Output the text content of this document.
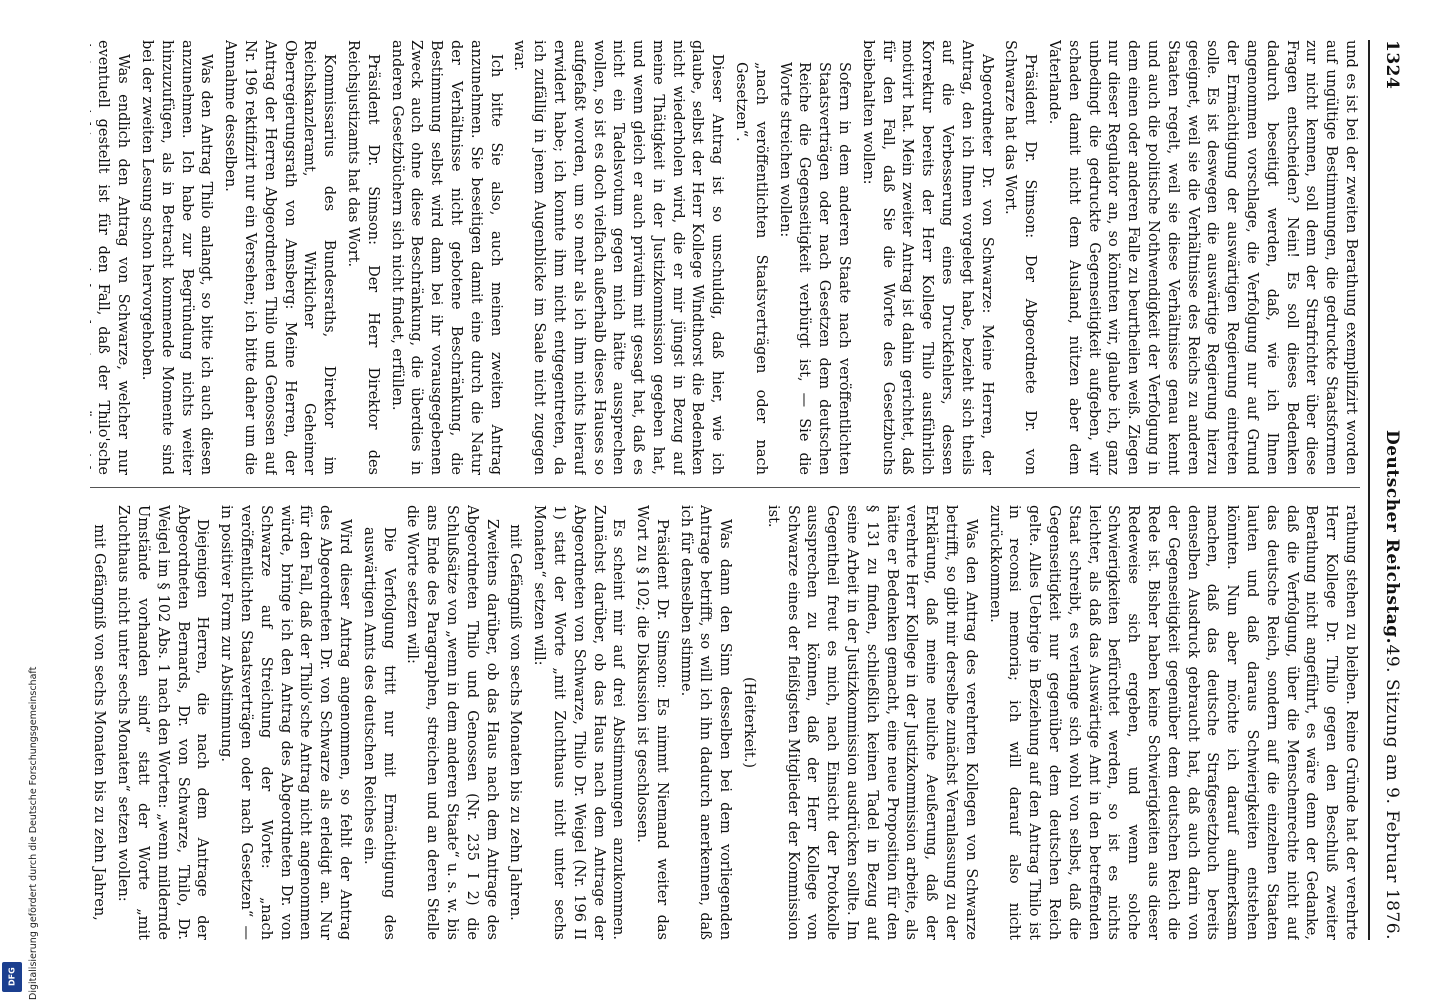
Digitalisierung gefördert durch die Deutsche Forschungsgemeinschaft
DFG
1324
Deutscher Reichstag.
49. Sitzung am 9. Februar 1876.

und es ist bei der zweiten Berathung exemplifizirt worden auf ungültige Bestimmungen, die gedruckte Staatsformen zur nicht kennen, soll denn der Strafrichter über diese Fragen entscheiden? Nein! Es soll dieses Bedenken dadurch beseitigt werden, daß, wie ich Ihnen angenommen vorschlage, die Verfolgung nur auf Grund der Ermächtigung der auswärtigen Regierung eintreten solle. Es ist deswegen die auswärtige Regierung hierzu geeignet, weil sie die Verhältnisse des Reichs zu anderen Staaten regelt, weil sie diese Verhältnisse genau kennt und auch die politische Nothwendigkeit der Verfolgung in dem einen oder anderen Falle zu beurtheilen weiß. Ziegen nur dieser Regulator an, so könnten wir, glaube ich, ganz unbedingt die gedruckte Gegenseitigkeit aufgeben, wir schaden damit nicht dem Ausland, nützen aber dem Vaterlande.

Präsident Dr. Simson: Der Abgeordnete Dr. von Schwarze hat das Wort.

Abgeordneter Dr. von Schwarze: Meine Herren, der Antrag, den ich Ihnen vorgelegt habe, bezieht sich theils auf die Verbesserung eines Druckfehlers, dessen Korrektur bereits der Herr Kollege Thilo ausführlich motivirt hat. Mein zweiter Antrag ist dahin gerichtet, daß für den Fall, daß Sie die Worte des Gesetzbuchs beibehalten wollen:

Sofern in dem anderen Staate nach veröffentlichten Staatsverträgen oder nach Gesetzen dem deutschen Reiche die Gegenseitigkeit verbürgt ist, — Sie die Worte streichen wollen:

„nach veröffentlichten Staatsverträgen oder nach Gesetzen“.

Dieser Antrag ist so unschuldig, daß hier, wie ich glaube, selbst der Herr Kollege Windthorst die Bedenken nicht wiederholen wird, die er mir jüngst in Bezug auf meine Thätigkeit in der Justizkommission gegeben hat, und wenn gleich er auch privatim mit gesagt hat, daß es nicht ein Tadelsvotum gegen mich hätte aussprechen wollen, so ist es doch vielfach außerhalb dieses Hauses so aufgefaßt worden, um so mehr als ich ihm nichts hierauf erwidert habe; ich konnte ihm nicht entgegentreten, da ich zufällig in jenem Augenblicke im Saale nicht zugegen war.

Ich bitte Sie also, auch meinen zweiten Antrag anzunehmen. Sie beseitigen damit eine durch die Natur der Verhältnisse nicht gebotene Beschränkung, die Bestimmung selbst wird dann bei ihr vorausgegebenen Zweck auch ohne diese Beschränkung, die überdies in anderen Gesetzbüchern sich nicht findet, erfüllen.

Präsident Dr. Simson: Der Herr Direktor des Reichsjustizamts hat das Wort.

Kommissarius des Bundesraths, Direktor im Reichskanzleramt, Wirklicher Geheimer Oberregierungsrath von Amsberg: Meine Herren, der Antrag der Herren Abgeordneten Thilo und Genossen auf Nr. 196 rektifizirt nur ein Versehen; ich bitte daher um die Annahme desselben.

Was den Antrag Thilo anlangt, so bitte ich auch diesen anzunehmen. Ich habe zur Begründung nichts weiter hinzuzufügen, als in Betracht kommende Momente sind bei der zweiten Lesung schon hervorgehoben.

Was endlich den Antrag von Schwarze, welcher nur eventuell gestellt ist für den Fall, daß der Thilo'sche

rathung stehen zu bleiben. Reine Gründe hat der verehrte Herr Kollege Dr. Thilo gegen den Beschluß zweiter Berathung nicht angeführt, es wäre denn der Gedanke, daß die Verfolgung, über die Menschenrechte nicht auf das deutsche Reich, sondern auf die einzelnen Staaten lauten und daß daraus Schwierigkeiten entstehen könnten. Nun aber möchte ich darauf aufmerksam machen, daß das deutsche Strafgesetzbuch bereits denselben Ausdruck gebraucht hat, daß auch darin von der Gegenseitigkeit gegenüber dem deutschen Reich die Rede ist. Bisher haben keine Schwierigkeiten aus dieser Redeweise sich ergeben, und wenn solche Schwierigkeiten befürchtet werden, so ist es nichts leichter, als daß das Auswärtige Amt in den betreffenden Staat schreibt, es verlange sich wohl von selbst, daß die Gegenseitigkeit nur gegenüber dem deutschen Reich gelte. Alles Uebrige in Beziehung auf den Antrag Thilo ist in reconsi memoria; ich will darauf also nicht zurückkommen.

Was den Antrag des verehrten Kollegen von Schwarze betrifft, so gibt mir derselbe zunächst Veranlassung zu der Erklärung, daß meine neuliche Aeußerung, daß der verehrte Herr Kollege in der Justizkommission arbeite, als hätte er Bedenken gemacht, eine neue Proposition für den § 131 zu finden, schließlich keinen Tadel in Bezug auf seine Arbeit in der Justizkommission ausdrücken sollte. Im Gegentheil freut es mich, nach Einsicht der Protokolle aussprechen zu können, daß der Herr Kollege von Schwarze eines der fleißigsten Mitglieder der Kommission ist.

(Heiterkeit.)

Was dann den Sinn desselben bei dem vorliegenden Antrage betrifft, so will ich ihn dadurch anerkennen, daß ich für denselben stimme.

Präsident Dr. Simson: Es nimmt Niemand weiter das Wort zu § 102; die Diskussion ist geschlossen.

Es scheint mir auf drei Abstimmungen anzukommen. Zunächst darüber, ob das Haus nach dem Antrage der Abgeordneten von Schwarze, Thilo Dr. Weigel (Nr. 196 II 1) statt der Worte „mit Zuchthaus nicht unter sechs Monaten“ setzen will:

mit Gefängniß von sechs Monaten bis zu zehn Jahren.

Zweitens darüber, ob das Haus nach dem Antrage des Abgeordneten Thilo und Genossen (Nr. 235 I 2) die Schlußsätze von „wenn in dem anderen Staate“ u. s. w. bis ans Ende des Paragraphen, streichen und an deren Stelle die Worte setzen will:

Die Verfolgung tritt nur mit Ermächtigung des auswärtigen Amts des deutschen Reiches ein.

Wird dieser Antrag angenommen, so fehlt der Antrag des Abgeordneten Dr. von Schwarze als erledigt an. Nur für den Fall, daß der Thilo'sche Antrag nicht angenommen würde, bringe ich den Antrag des Abgeordneten Dr. von Schwarze auf Streichung der Worte: „nach veröffentlichten Staatsverträgen oder nach Gesetzen“ — in positiver Form zur Abstimmung.

Diejenigen Herren, die nach dem Antrage der Abgeordneten Bernards, Dr. von Schwarze, Thilo, Dr. Weigel im § 102 Abs. 1 nach den Worten: „wenn mildernde Umstände vorhanden sind“ statt der Worte „mit Zuchthaus nicht unter sechs Monaten“ setzen wollen:

mit Gefängniß von sechs Monaten bis zu zehn Jahren,
